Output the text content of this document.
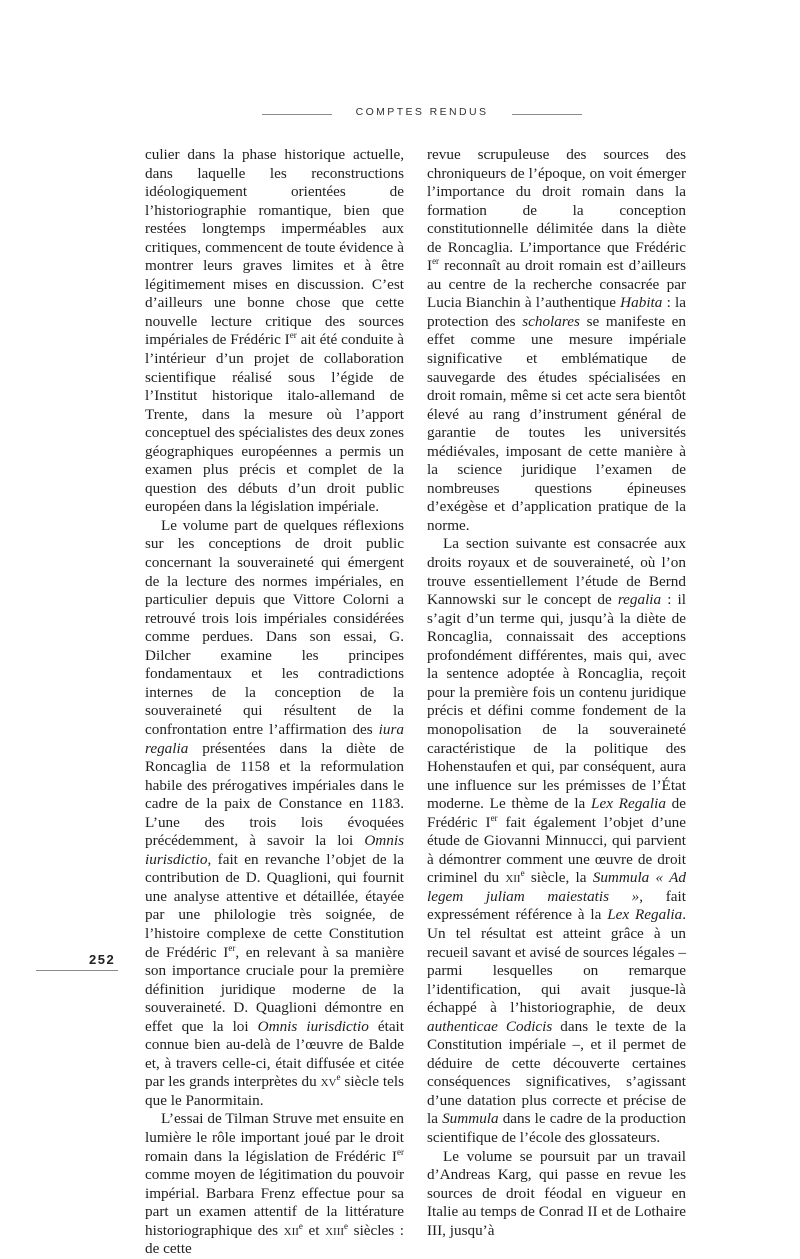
COMPTES RENDUS

culier dans la phase historique actuelle, dans laquelle les reconstructions idéologiquement orientées de l’historiographie romantique, bien que restées longtemps imperméables aux critiques, commencent de toute évidence à montrer leurs graves limites et à être légitimement mises en discussion. C’est d’ailleurs une bonne chose que cette nouvelle lecture critique des sources impériales de Frédéric Ier ait été conduite à l’intérieur d’un projet de collaboration scientifique réalisé sous l’égide de l’Institut historique italo-allemand de Trente, dans la mesure où l’apport conceptuel des spécialistes des deux zones géographiques européennes a permis un examen plus précis et complet de la question des débuts d’un droit public européen dans la législation impériale.

Le volume part de quelques réflexions sur les conceptions de droit public concernant la souveraineté qui émergent de la lecture des normes impériales, en particulier depuis que Vittore Colorni a retrouvé trois lois impériales considérées comme perdues. Dans son essai, G. Dilcher examine les principes fondamentaux et les contradictions internes de la conception de la souveraineté qui résultent de la confrontation entre l’affirmation des iura regalia présentées dans la diète de Roncaglia de 1158 et la reformulation habile des prérogatives impériales dans le cadre de la paix de Constance en 1183. L’une des trois lois évoquées précédemment, à savoir la loi Omnis iurisdictio, fait en revanche l’objet de la contribution de D. Quaglioni, qui fournit une analyse attentive et détaillée, étayée par une philologie très soignée, de l’histoire complexe de cette Constitution de Frédéric Ier, en relevant à sa manière son importance cruciale pour la première définition juridique moderne de la souveraineté. D. Quaglioni démontre en effet que la loi Omnis iurisdictio était connue bien au-delà de l’œuvre de Balde et, à travers celle-ci, était diffusée et citée par les grands interprètes du $xv^e$ siècle tels que le Panormitain.

L’essai de Tilman Struve met ensuite en lumière le rôle important joué par le droit romain dans la législation de Frédéric Ier comme moyen de légitimation du pouvoir impérial. Barbara Frenz effectue pour sa part un examen attentif de la littérature historiographique des xii$^e$ et xiii$^e$ siècles : de cette

revue scrupuleuse des sources des chroniqueurs de l’époque, on voit émerger l’importance du droit romain dans la formation de la conception constitutionnelle délimitée dans la diète de Roncaglia. L’importance que Frédéric Ier reconnaît au droit romain est d’ailleurs au centre de la recherche consacrée par Lucia Bianchin à l’authentique Habita : la protection des scholares se manifeste en effet comme une mesure impériale significative et emblématique de sauvegarde des études spécialisées en droit romain, même si cet acte sera bientôt élevé au rang d’instrument général de garantie de toutes les universités médiévales, imposant de cette manière à la science juridique l’examen de nombreuses questions épineuses d’exégèse et d’application pratique de la norme.

La section suivante est consacrée aux droits royaux et de souveraineté, où l’on trouve essentiellement l’étude de Bernd Kannowski sur le concept de regalia : il s’agit d’un terme qui, jusqu’à la diète de Roncaglia, connaissait des acceptions profondément différentes, mais qui, avec la sentence adoptée à Roncaglia, reçoit pour la première fois un contenu juridique précis et défini comme fondement de la monopolisation de la souveraineté caractéristique de la politique des Hohenstaufen et qui, par conséquent, aura une influence sur les prémisses de l’État moderne. Le thème de la Lex Regalia de Frédéric Ier fait également l’objet d’une étude de Giovanni Minnucci, qui parvient à démontrer comment une œuvre de droit criminel du xii$^e$ siècle, la Summula « Ad legem juliam maiestatis », fait expressément référence à la Lex Regalia. Un tel résultat est atteint grâce à un recueil savant et avisé de sources légales – parmi lesquelles on remarque l’identification, qui avait jusque-là échappé à l’historiographie, de deux authenticae Codicis dans le texte de la Constitution impériale –, et il permet de déduire de cette découverte certaines conséquences significatives, s’agissant d’une datation plus correcte et précise de la Summula dans le cadre de la production scientifique de l’école des glossateurs.

Le volume se poursuit par un travail d’Andreas Karg, qui passe en revue les sources de droit féodal en vigueur en Italie au temps de Conrad II et de Lothaire III, jusqu’à

252
